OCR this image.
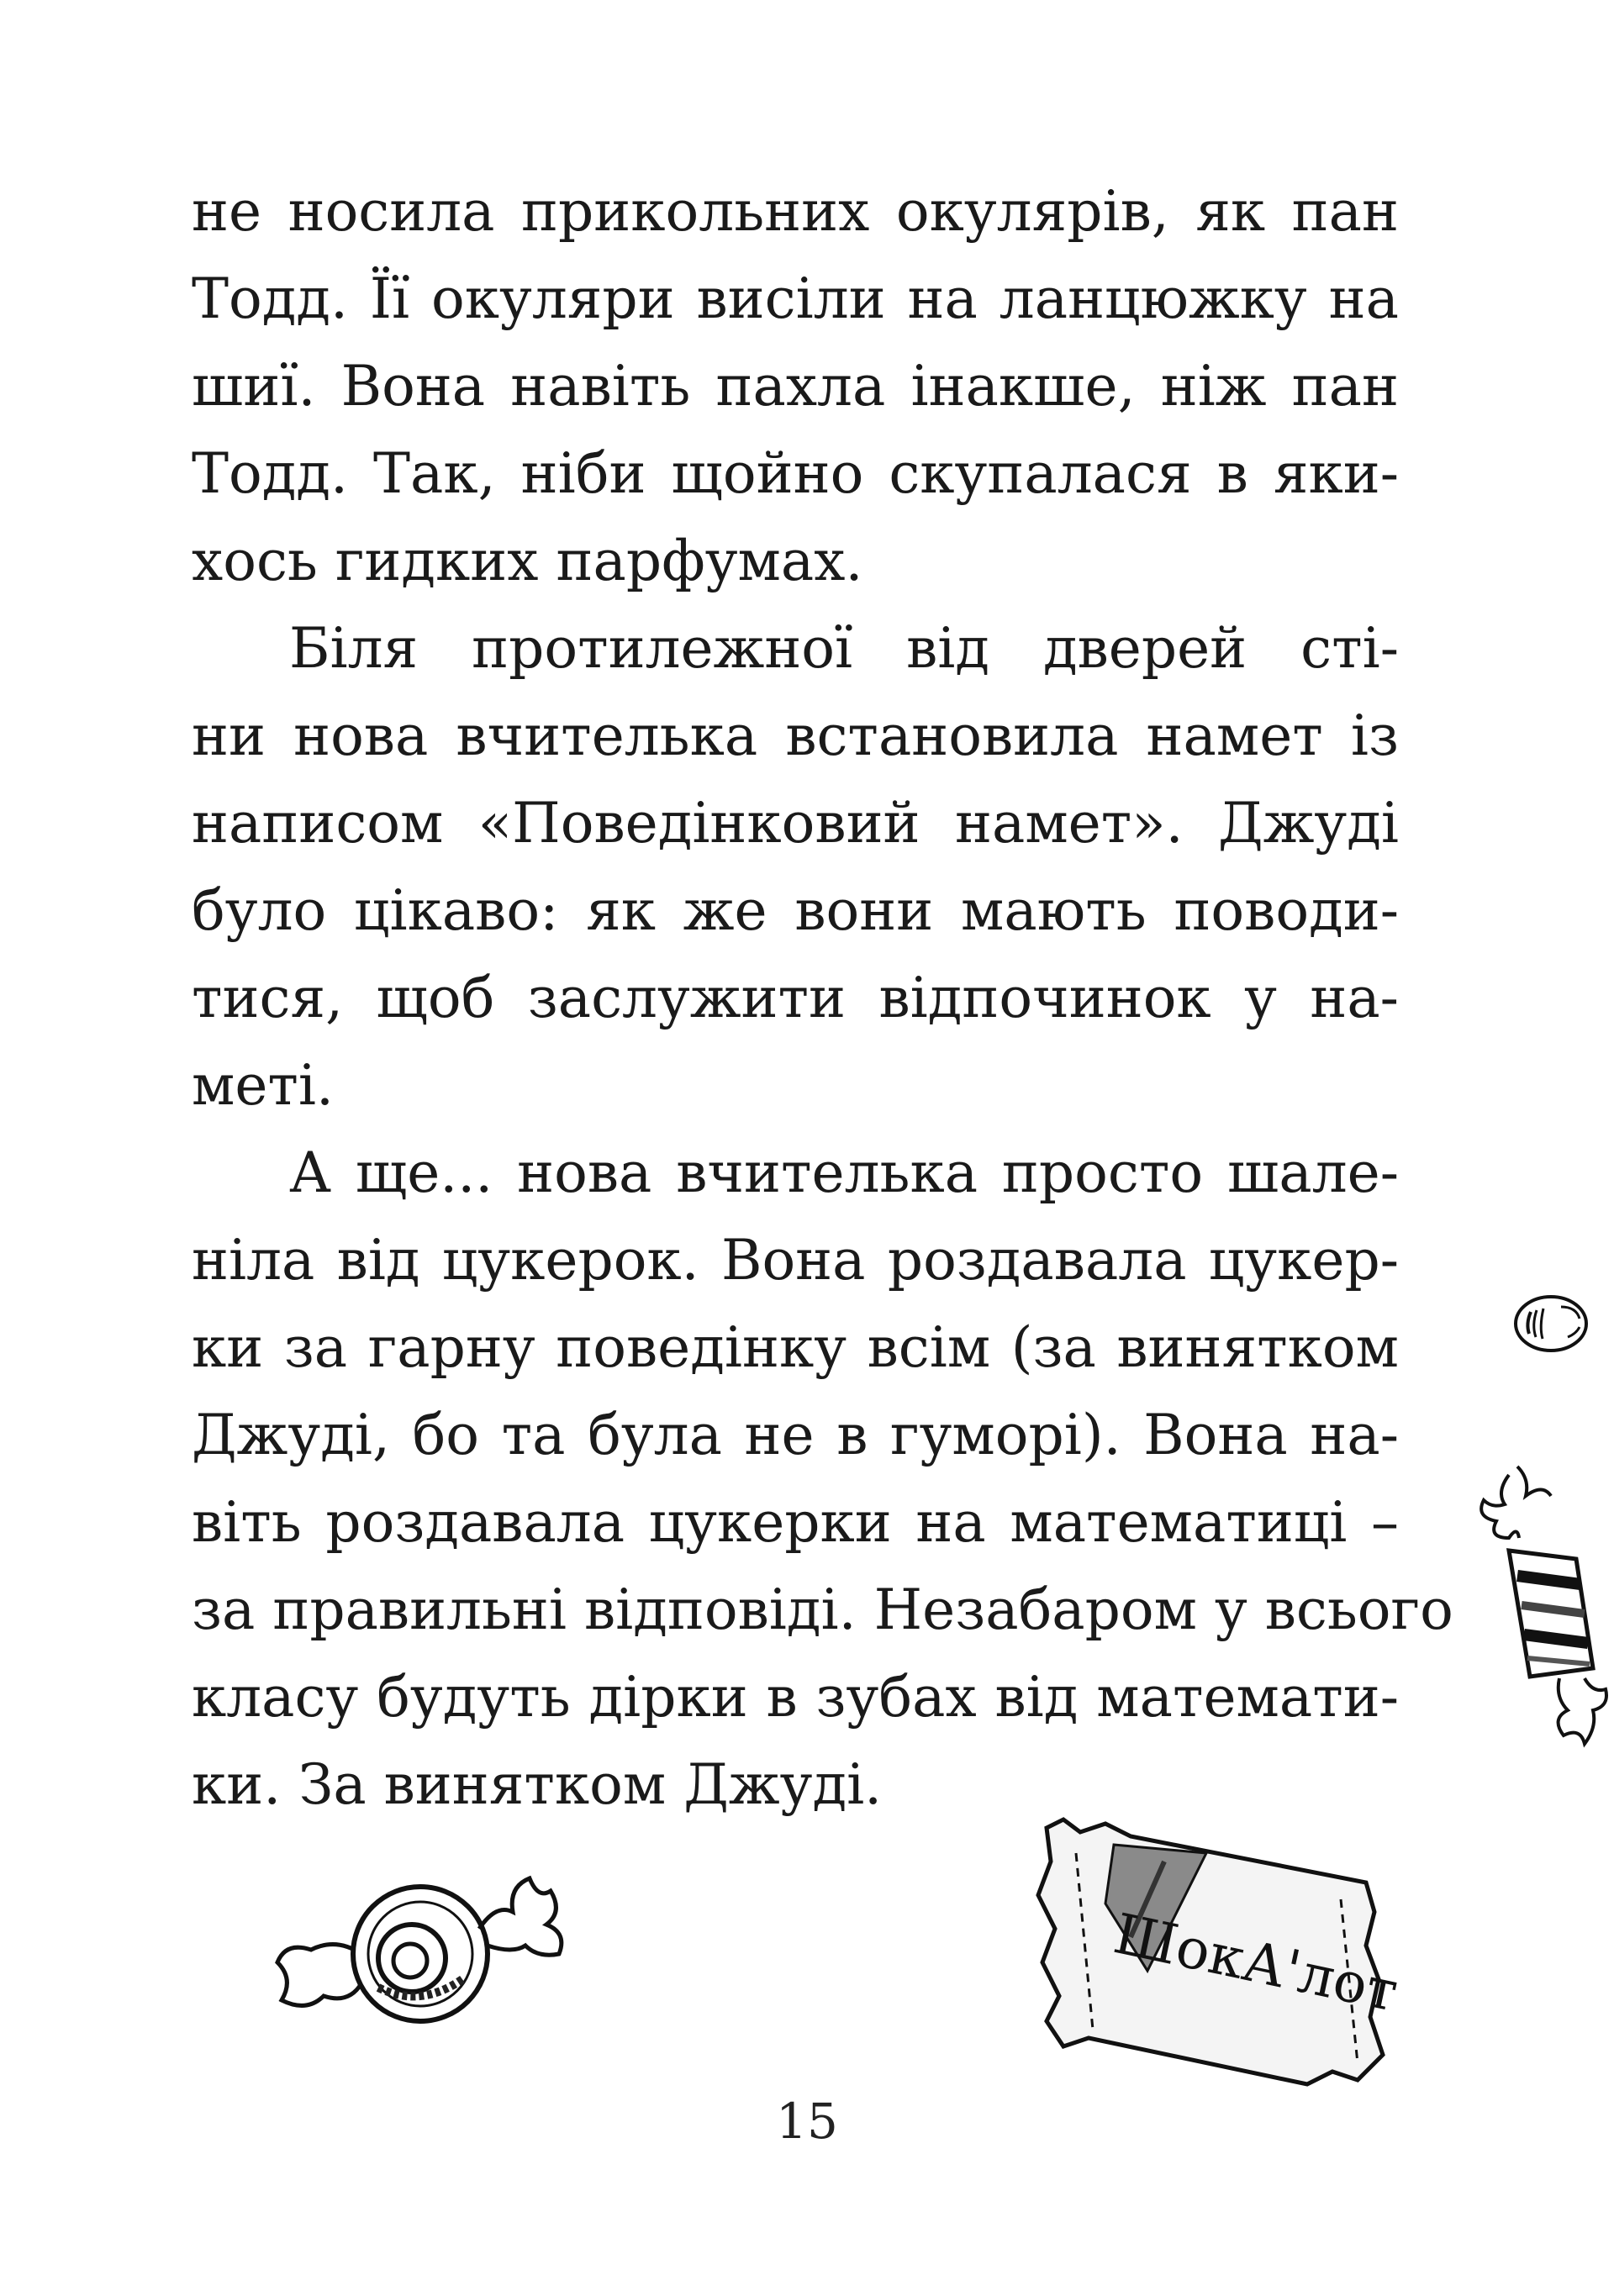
не носила прикольних окулярів, як пан
Тодд. Її окуляри висіли на ланцюжку на
шиї. Вона навіть пахла інакше, ніж пан
Тодд. Так, ніби щойно скупалася в яки-
хось гидких парфумах.
Біля протилежної від дверей сті-
ни нова вчителька встановила намет із
написом «Поведінковий намет». Джуді
було цікаво: як же вони мають поводи-
тися, щоб заслужити відпочинок у на-
меті.
А ще... нова вчителька просто шале-
ніла від цукерок. Вона роздавала цукер-
ки за гарну поведінку всім (за винятком
Джуді, бо та була не в гуморі). Вона на-
віть роздавала цукерки на математиці –
за правильні відповіді. Незабаром у всього
класу будуть дірки в зубах від математи-
ки. За винятком Джуді.
ШокА'лот
15
